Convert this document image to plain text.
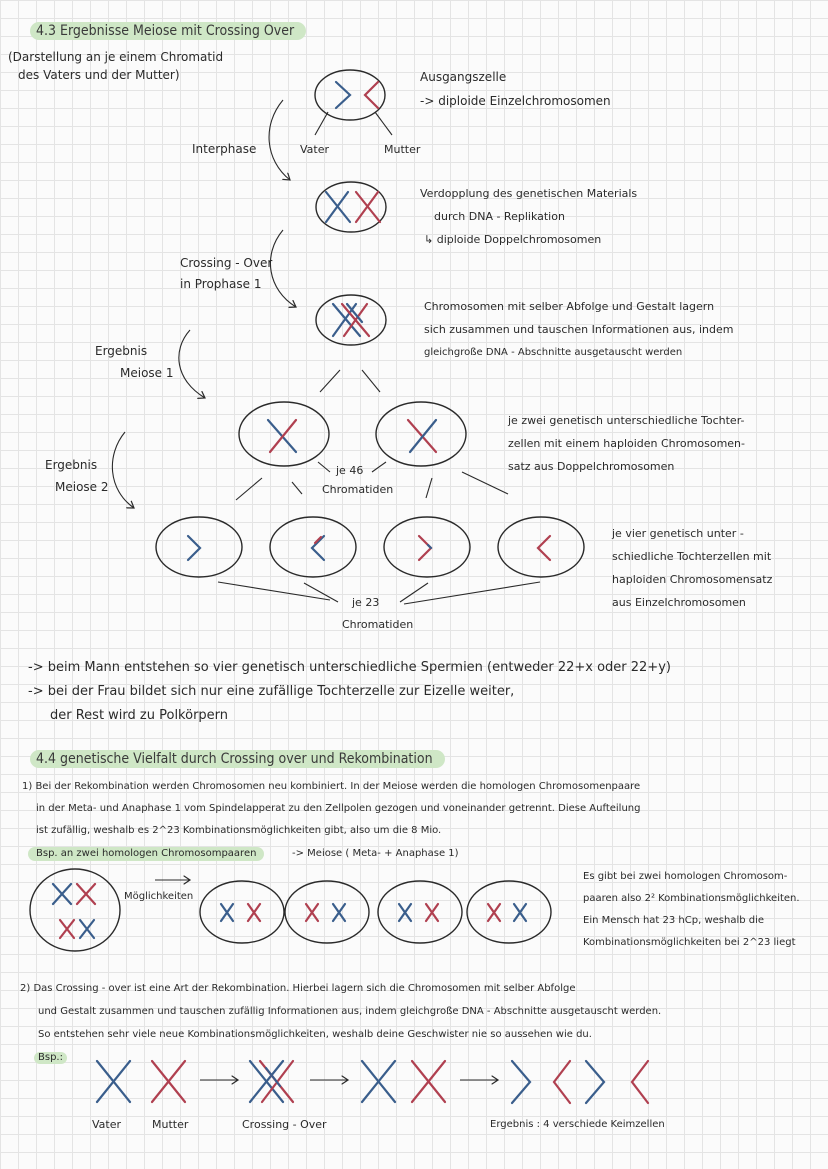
4.3 Ergebnisse Meiose mit Crossing Over
(Darstellung an je einem Chromatid
des Vaters und der Mutter)
Vater	Mutter
Interphase
Crossing - Over
in Prophase 1
Ergebnis
Meiose 1
Ergebnis
Meiose 2
je 46
Chromatiden
je 23
Chromatiden
Ausgangszelle
-> diploide Einzelchromosomen
Verdopplung des genetischen Materials
durch DNA - Replikation
↳ diploide Doppelchromosomen
Chromosomen mit selber Abfolge und Gestalt lagern
sich zusammen und tauschen Informationen aus, indem
gleichgroße DNA - Abschnitte ausgetauscht werden
je zwei genetisch unterschiedliche Tochter-
zellen mit einem haploiden Chromosomen-
satz aus Doppelchromosomen
je vier genetisch unter -
schiedliche Tochterzellen mit
haploiden Chromosomensatz
aus Einzelchromosomen
-> beim Mann entstehen so vier genetisch unterschiedliche Spermien (entweder 22+x oder 22+y)
-> bei der Frau bildet sich nur eine zufällige Tochterzelle zur Eizelle weiter,
der Rest wird zu Polkörpern
4.4 genetische Vielfalt durch Crossing over und Rekombination
1) Bei der Rekombination werden Chromosomen neu kombiniert. In der Meiose werden die homologen Chromosomenpaare
in der Meta- und Anaphase 1 vom Spindelapperat zu den Zellpolen gezogen und voneinander getrennt. Diese Aufteilung
ist zufällig, weshalb es 2^23 Kombinationsmöglichkeiten gibt, also um die 8 Mio.
Bsp. an zwei homologen Chromosompaaren	-> Meiose ( Meta- + Anaphase 1)
Möglichkeiten
Es gibt bei zwei homologen Chromosom-
paaren also 2² Kombinationsmöglichkeiten.
Ein Mensch hat 23 hCp, weshalb die
Kombinationsmöglichkeiten bei 2^23 liegt
2) Das Crossing - over ist eine Art der Rekombination. Hierbei lagern sich die Chromosomen mit selber Abfolge
und Gestalt zusammen und tauschen zufällig Informationen aus, indem gleichgroße DNA - Abschnitte ausgetauscht werden.
So entstehen sehr viele neue Kombinationsmöglichkeiten, weshalb deine Geschwister nie so aussehen wie du.
Bsp.:
Vater	Mutter	Crossing - Over	Ergebnis : 4 verschiede Keimzellen
